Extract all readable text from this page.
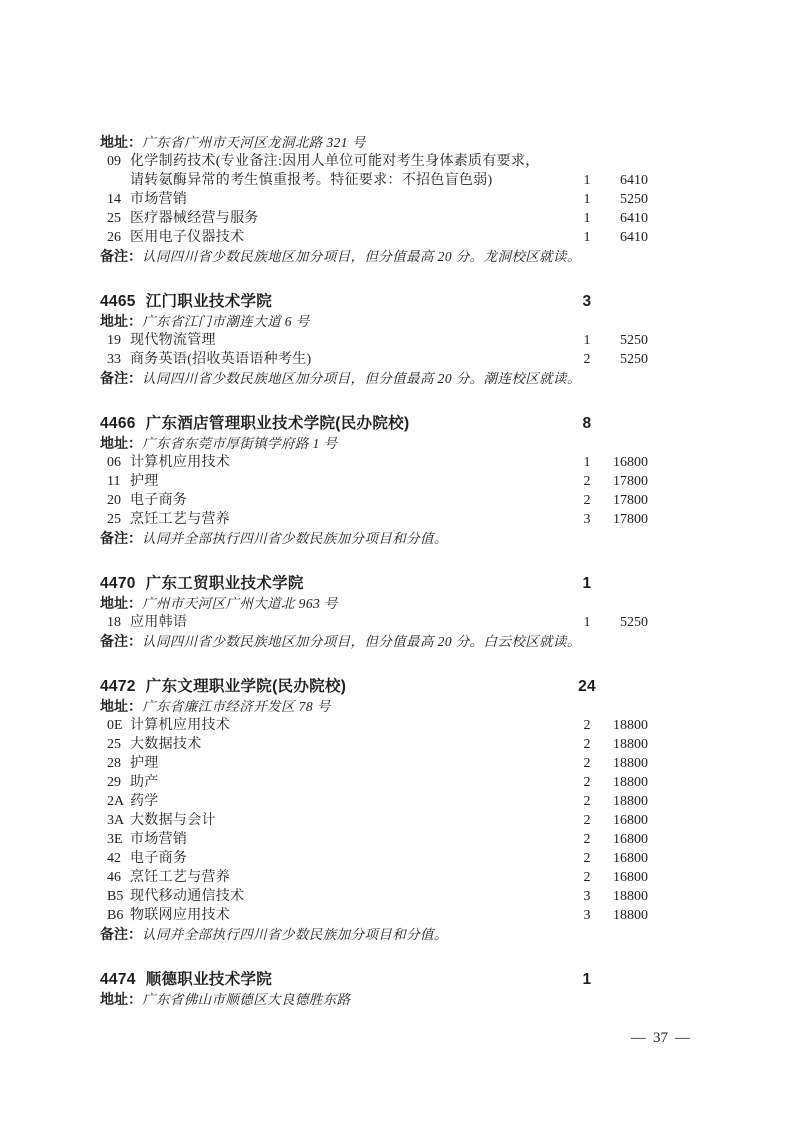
地址： 广东省广州市天河区龙洞北路 321 号
09 化学制药技术(专业备注:因用人单位可能对考生身体素质有要求，
请转氨酶异常的考生慎重报考。特征要求：不招色盲色弱)	1	6410
14 市场营销	1	5250
25 医疗器械经营与服务	1	6410
26 医用电子仪器技术	1	6410
备注： 认同四川省少数民族地区加分项目，但分值最高 20 分。龙洞校区就读。
4465 江门职业技术学院	3
地址： 广东省江门市潮连大道 6 号
19 现代物流管理	1	5250
33 商务英语(招收英语语种考生)	2	5250
备注： 认同四川省少数民族地区加分项目，但分值最高 20 分。潮连校区就读。
4466 广东酒店管理职业技术学院(民办院校)	8
地址： 广东省东莞市厚街镇学府路 1 号
06 计算机应用技术	1	16800
11 护理	2	17800
20 电子商务	2	17800
25 烹饪工艺与营养	3	17800
备注： 认同并全部执行四川省少数民族加分项目和分值。
4470 广东工贸职业技术学院	1
地址： 广州市天河区广州大道北 963 号
18 应用韩语	1	5250
备注： 认同四川省少数民族地区加分项目，但分值最高 20 分。白云校区就读。
4472 广东文理职业学院(民办院校)	24
地址： 广东省廉江市经济开发区 78 号
0E 计算机应用技术	2	18800
25 大数据技术	2	18800
28 护理	2	18800
29 助产	2	18800
2A 药学	2	18800
3A 大数据与会计	2	16800
3E 市场营销	2	16800
42 电子商务	2	16800
46 烹饪工艺与营养	2	16800
B5 现代移动通信技术	3	18800
B6 物联网应用技术	3	18800
备注： 认同并全部执行四川省少数民族加分项目和分值。
4474 顺德职业技术学院	1
地址： 广东省佛山市顺德区大良德胜东路
— 37 —
